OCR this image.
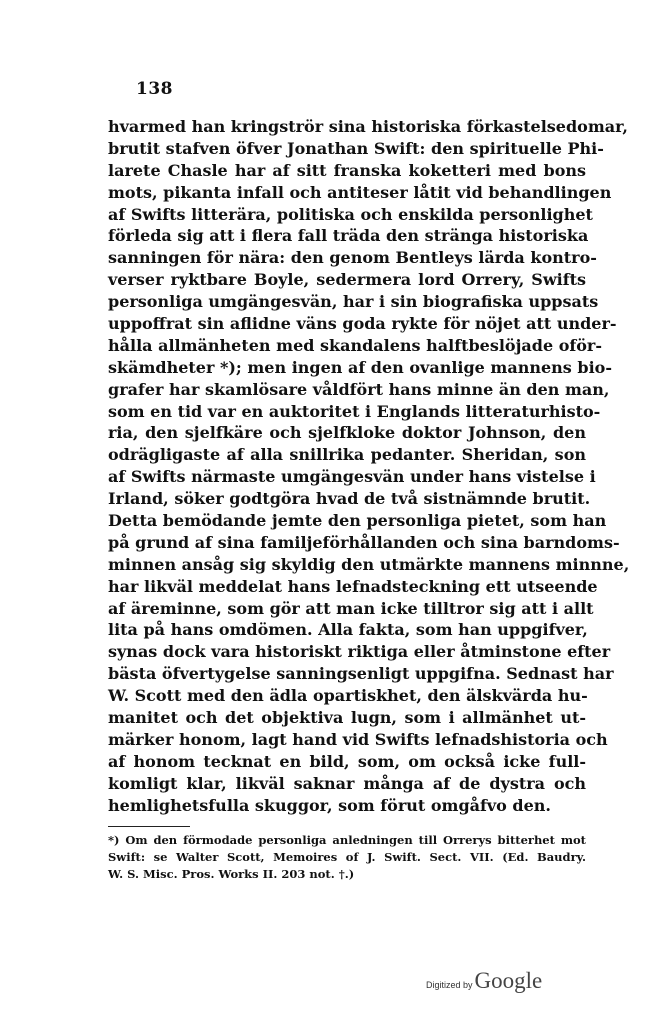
138
hvarmed han kringströr sina historiska förkastelsedomar,
brutit stafven öfver Jonathan Swift: den spirituelle Phi-
larete Chasle har af sitt franska koketteri med bons
mots, pikanta infall och antiteser låtit vid behandlingen
af Swifts litterära, politiska och enskilda personlighet
förleda sig att i flera fall träda den stränga historiska
sanningen för nära: den genom Bentleys lärda kontro-
verser ryktbare Boyle, sedermera lord Orrery, Swifts
personliga umgängesvän, har i sin biografiska uppsats
uppoffrat sin aflidne väns goda rykte för nöjet att under-
hålla allmänheten med skandalens halftbeslöjade oför-
skämdheter *); men ingen af den ovanlige mannens bio-
grafer har skamlösare våldfört hans minne än den man,
som en tid var en auktoritet i Englands litteraturhisto-
ria, den sjelfkäre och sjelfkloke doktor Johnson, den
odrägligaste af alla snillrika pedanter. Sheridan, son
af Swifts närmaste umgängesvän under hans vistelse i
Irland, söker godtgöra hvad de två sistnämnde brutit.
Detta bemödande jemte den personliga pietet, som han
på grund af sina familjeförhållanden och sina barndoms-
minnen ansåg sig skyldig den utmärkte mannens minnne,
har likväl meddelat hans lefnadsteckning ett utseende
af äreminne, som gör att man icke tilltror sig att i allt
lita på hans omdömen. Alla fakta, som han uppgifver,
synas dock vara historiskt riktiga eller åtminstone efter
bästa öfvertygelse sanningsenligt uppgifna. Sednast har
W. Scott med den ädla opartiskhet, den älskvärda hu-
manitet och det objektiva lugn, som i allmänhet ut-
märker honom, lagt hand vid Swifts lefnadshistoria och
af honom tecknat en bild, som, om också icke full-
komligt klar, likväl saknar många af de dystra och
hemlighetsfulla skuggor, som förut omgåfvo den.
*) Om den förmodade personliga anledningen till Orrerys bitterhet mot
Swift: se Walter Scott, Memoires of J. Swift. Sect. VII. (Ed. Baudry.
W. S. Misc. Pros. Works II. 203 not. †.)
Digitized by Google
